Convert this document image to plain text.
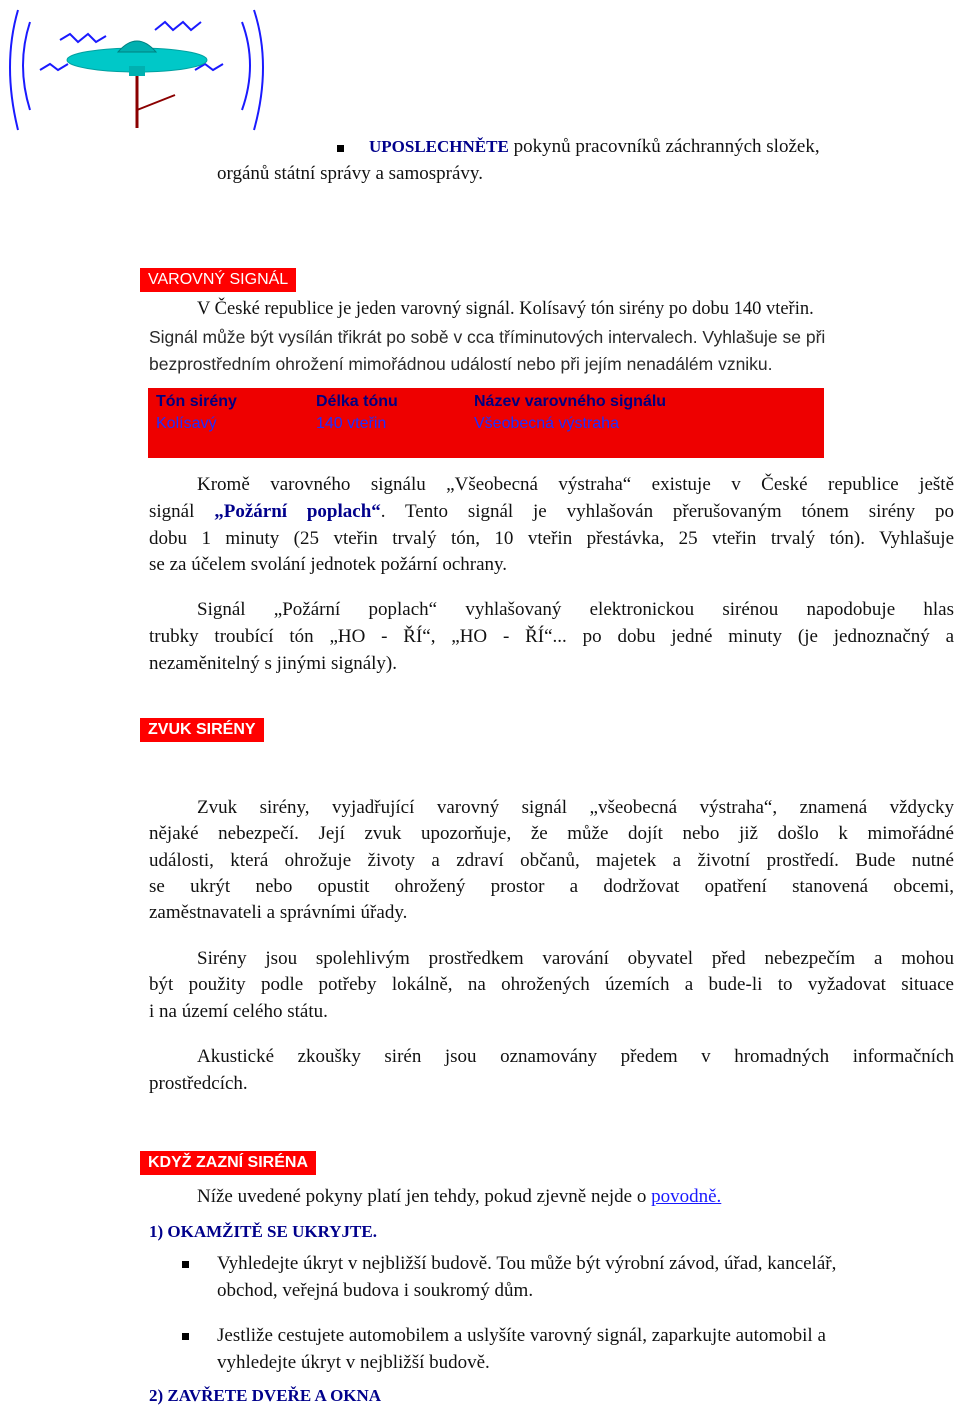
UPOSLECHNĚTE pokynů pracovníků záchranných složek,
orgánů státní správy a samosprávy.
VAROVNÝ SIGNÁL
V České republice je jeden varovný signál. Kolísavý tón sirény po dobu 140 vteřin.
Signál může být vysílán třikrát po sobě v cca tříminutových intervalech. Vyhlašuje se při
bezprostředním ohrožení mimořádnou událostí nebo při jejím nenadálém vzniku.
Tón sirény	Délka tónu	Název varovného signálu
Kolísavý	140 vteřin	Všeobecná výstraha
Kromě varovného signálu „Všeobecná výstraha“ existuje v České republice ještě
signál „Požární poplach“. Tento signál je vyhlašován přerušovaným tónem sirény po
dobu 1 minuty (25 vteřin trvalý tón, 10 vteřin přestávka, 25 vteřin trvalý tón). Vyhlašuje
se za účelem svolání jednotek požární ochrany.
Signál „Požární poplach“ vyhlašovaný elektronickou sirénou napodobuje hlas
trubky troubící tón „HO - ŘÍ“, „HO - ŘÍ“... po dobu jedné minuty (je jednoznačný a
nezaměnitelný s jinými signály).
ZVUK SIRÉNY
Zvuk sirény, vyjadřující varovný signál „všeobecná výstraha“, znamená vždycky
nějaké nebezpečí. Její zvuk upozorňuje, že může dojít nebo již došlo k mimořádné
události, která ohrožuje životy a zdraví občanů, majetek a životní prostředí. Bude nutné
se ukrýt nebo opustit ohrožený prostor a dodržovat opatření stanovená obcemi,
zaměstnavateli a správními úřady.
Sirény jsou spolehlivým prostředkem varování obyvatel před nebezpečím a mohou
být použity podle potřeby lokálně, na ohrožených územích a bude-li to vyžadovat situace
i na území celého státu.
Akustické zkoušky sirén jsou oznamovány předem v hromadných informačních
prostředcích.
KDYŽ ZAZNÍ SIRÉNA
Níže uvedené pokyny platí jen tehdy, pokud zjevně nejde o povodně.
1) OKAMŽITĚ SE UKRYJTE.
Vyhledejte úkryt v nejbližší budově. Tou může být výrobní závod, úřad, kancelář,
obchod, veřejná budova i soukromý dům.
Jestliže cestujete automobilem a uslyšíte varovný signál, zaparkujte automobil a
vyhledejte úkryt v nejbližší budově.
2) ZAVŘETE DVEŘE A OKNA
